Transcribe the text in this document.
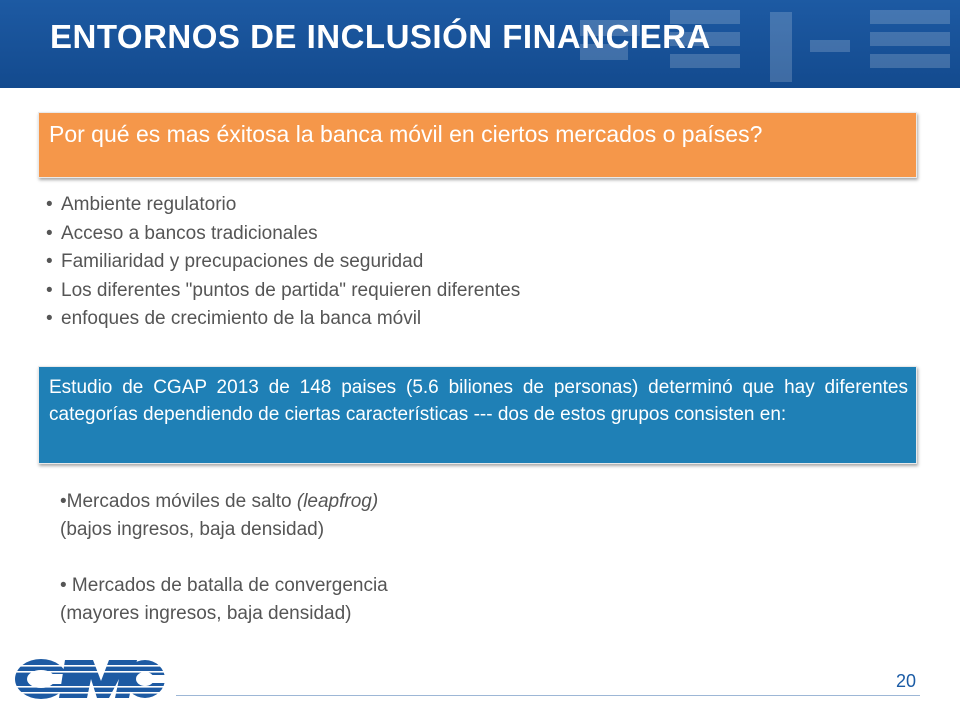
ENTORNOS DE INCLUSIÓN FINANCIERA
Por qué es mas éxitosa la banca móvil en ciertos mercados o países?
• Ambiente regulatorio
• Acceso a bancos tradicionales
• Familiaridad y precupaciones de seguridad
• Los diferentes "puntos de partida" requieren diferentes
• enfoques de crecimiento de la banca móvil
Estudio de CGAP 2013 de 148 paises (5.6 biliones de personas) determinó que hay diferentes categorías dependiendo de ciertas características --- dos de estos grupos consisten en:
•Mercados móviles de salto (leapfrog)
(bajos ingresos, baja densidad)
• Mercados de batalla de convergencia
(mayores ingresos, baja densidad)
20
